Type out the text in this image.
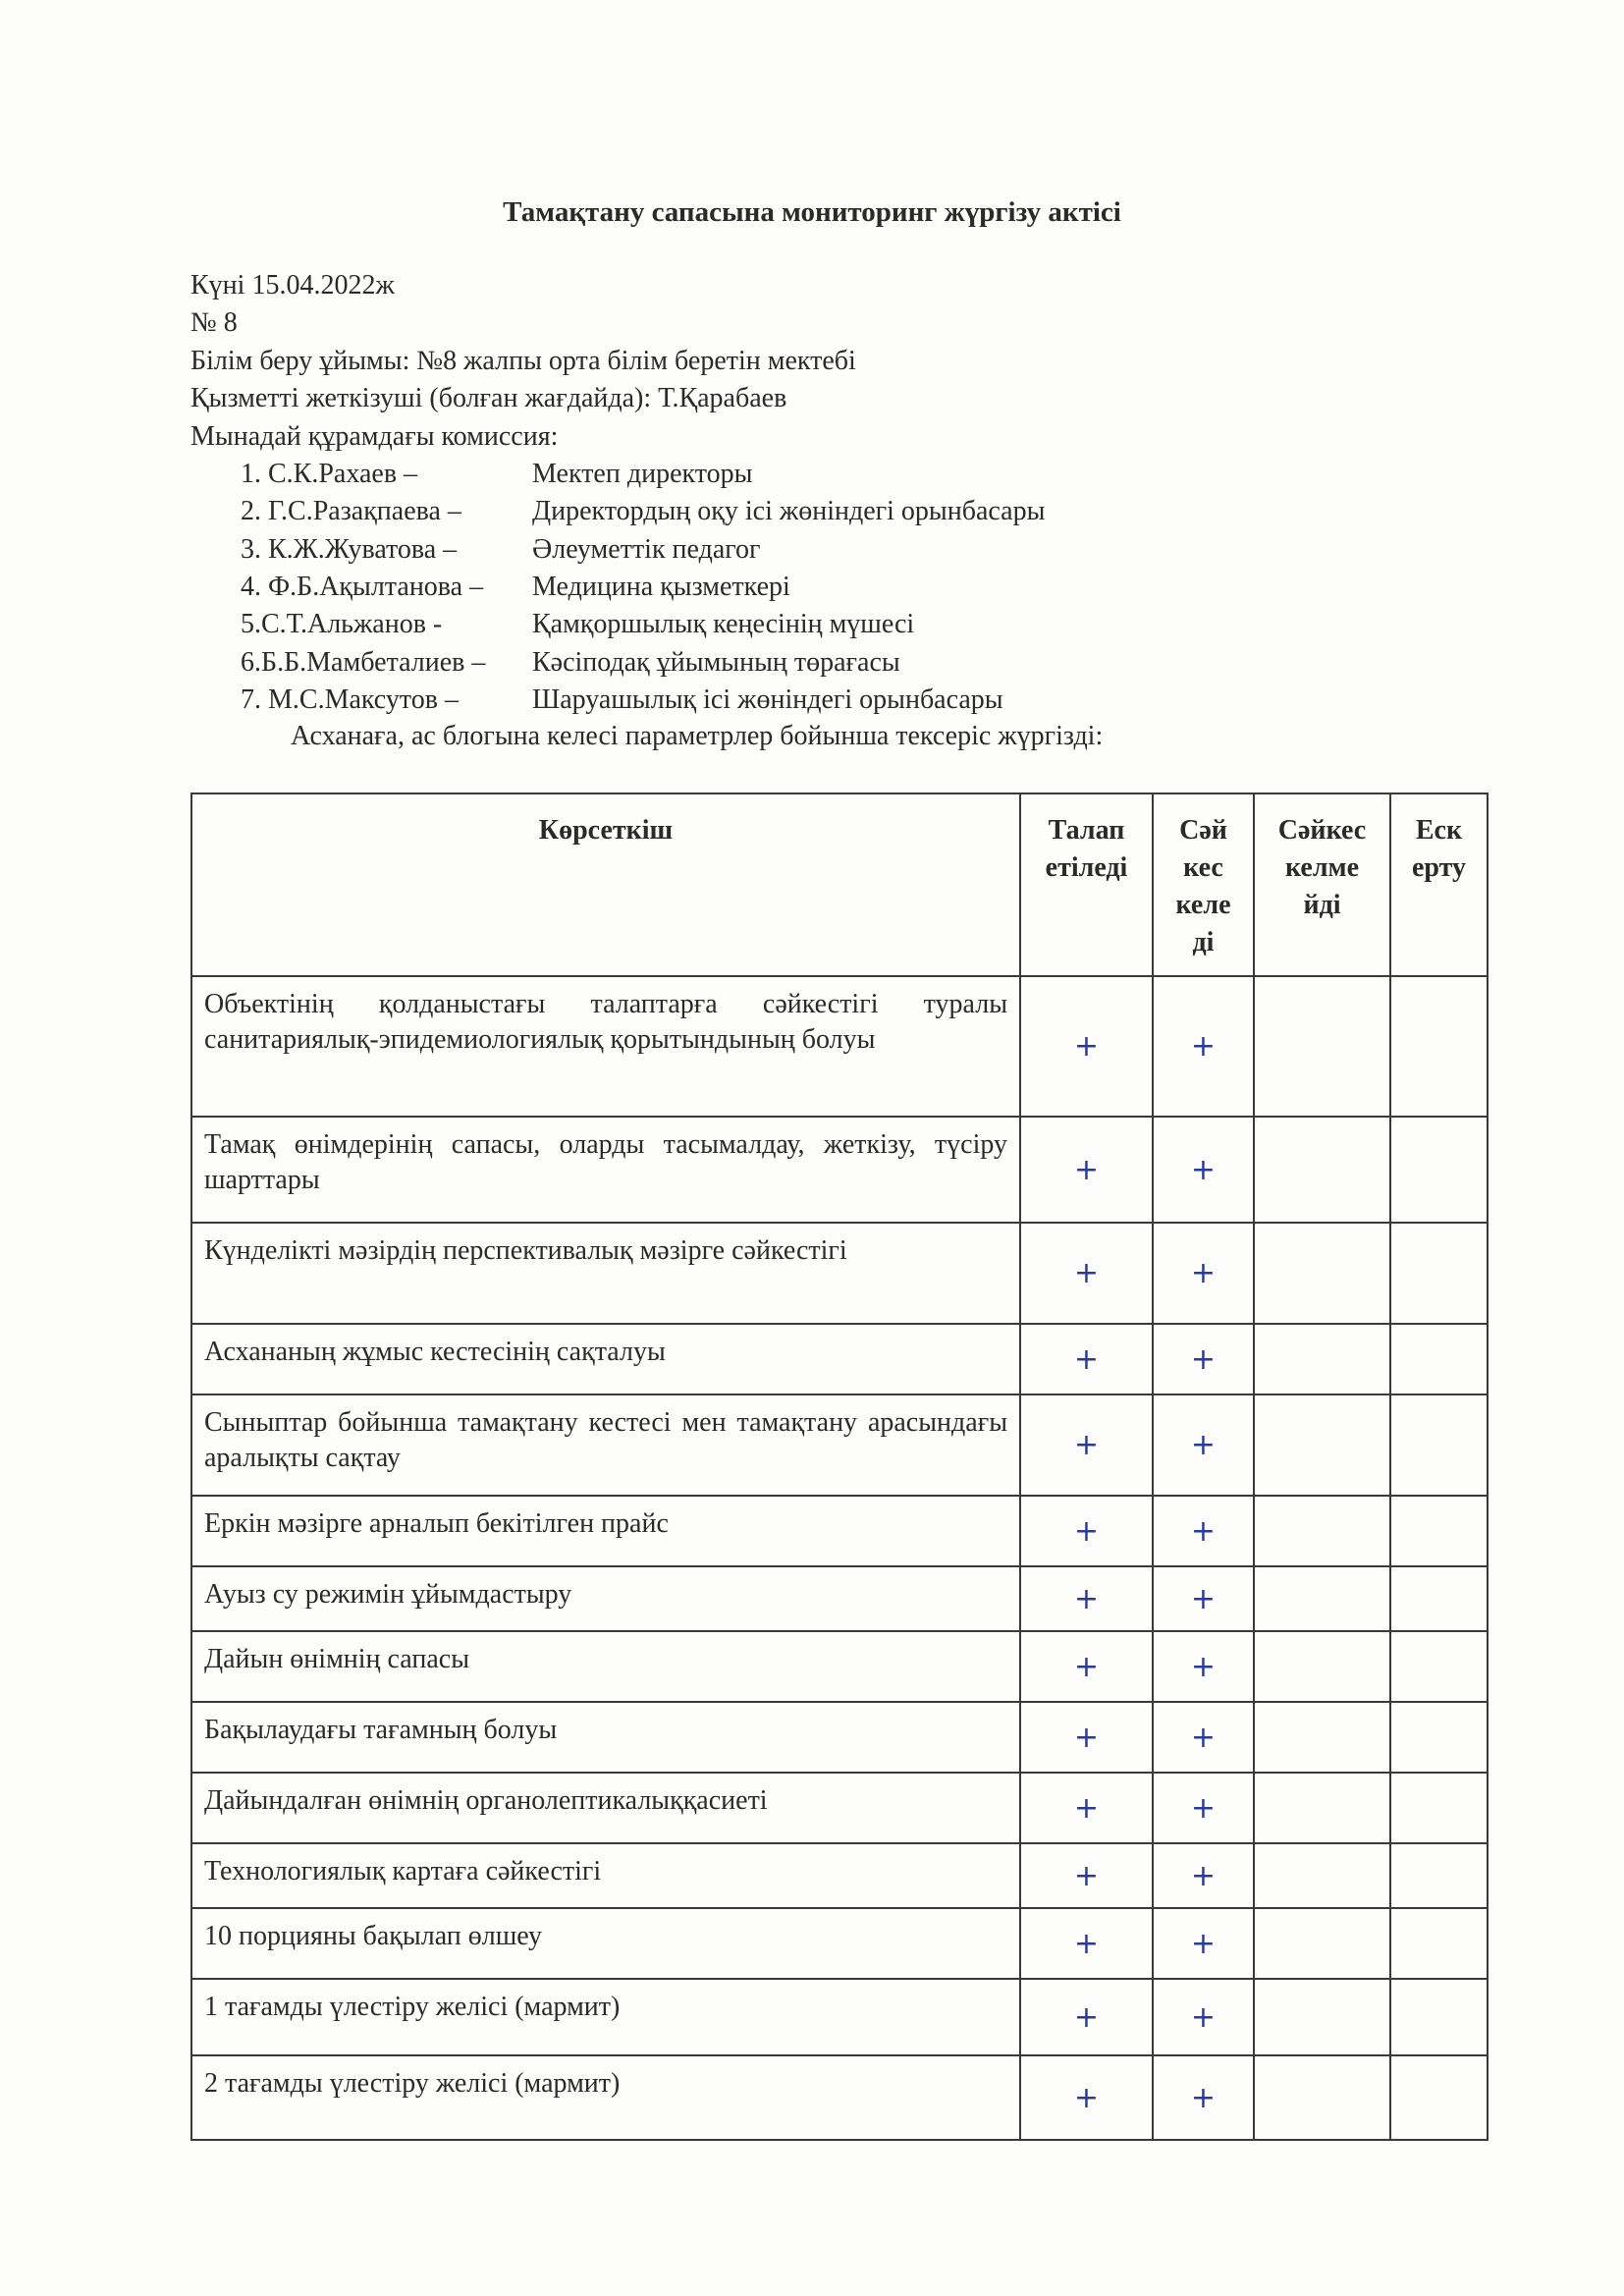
Тамақтану сапасына мониторинг жүргізу актісі
Күні 15.04.2022ж
№ 8
Білім беру ұйымы: №8 жалпы орта білім беретін мектебі
Қызметті жеткізуші (болған жағдайда): Т.Қарабаев
Мынадай құрамдағы комиссия:
1. С.К.Рахаев –	Мектеп директоры
2. Г.С.Разақпаева –	Директордың оқу ісі жөніндегі орынбасары
3. К.Ж.Жуватова –	Әлеуметтік педагог
4. Ф.Б.Ақылтанова – Медицина қызметкері
5.С.Т.Альжанов -	Қамқоршылық кеңесінің мүшесі
6.Б.Б.Мамбеталиев – Кәсіподақ ұйымының төрағасы
7. М.С.Максутов –	Шаруашылық ісі жөніндегі орынбасары
Асханаға, ас блогына келесі параметрлер бойынша тексеріс жүргізді:
Көрсеткіш	Талап етіледі	Сәй кес келе ді	Сәйкес келме йді	Еск ерту
Объектінің қолданыстағы талаптарға сәйкестігі туралы санитариялық-эпидемиологиялық қорытындының болуы	+	+		
Тамақ өнімдерінің сапасы, оларды тасымалдау, жеткізу, түсіру шарттары	+	+		
Күнделікті мәзірдің перспективалық мәзірге сәйкестігі	+	+		
Асхананың жұмыс кестесінің сақталуы	+	+		
Сыныптар бойынша тамақтану кестесі мен тамақтану арасындағы аралықты сақтау	+	+		
Еркін мәзірге арналып бекітілген прайс	+	+		
Ауыз су режимін ұйымдастыру	+	+		
Дайын өнімнің сапасы	+	+		
Бақылаудағы тағамның болуы	+	+		
Дайындалған өнімнің органолептикалыққасиеті	+	+		
Технологиялық картаға сәйкестігі	+	+		
10 порцияны бақылап өлшеу	+	+		
1 тағамды үлестіру желісі (мармит)	+	+		
2 тағамды үлестіру желісі (мармит)	+	+		
